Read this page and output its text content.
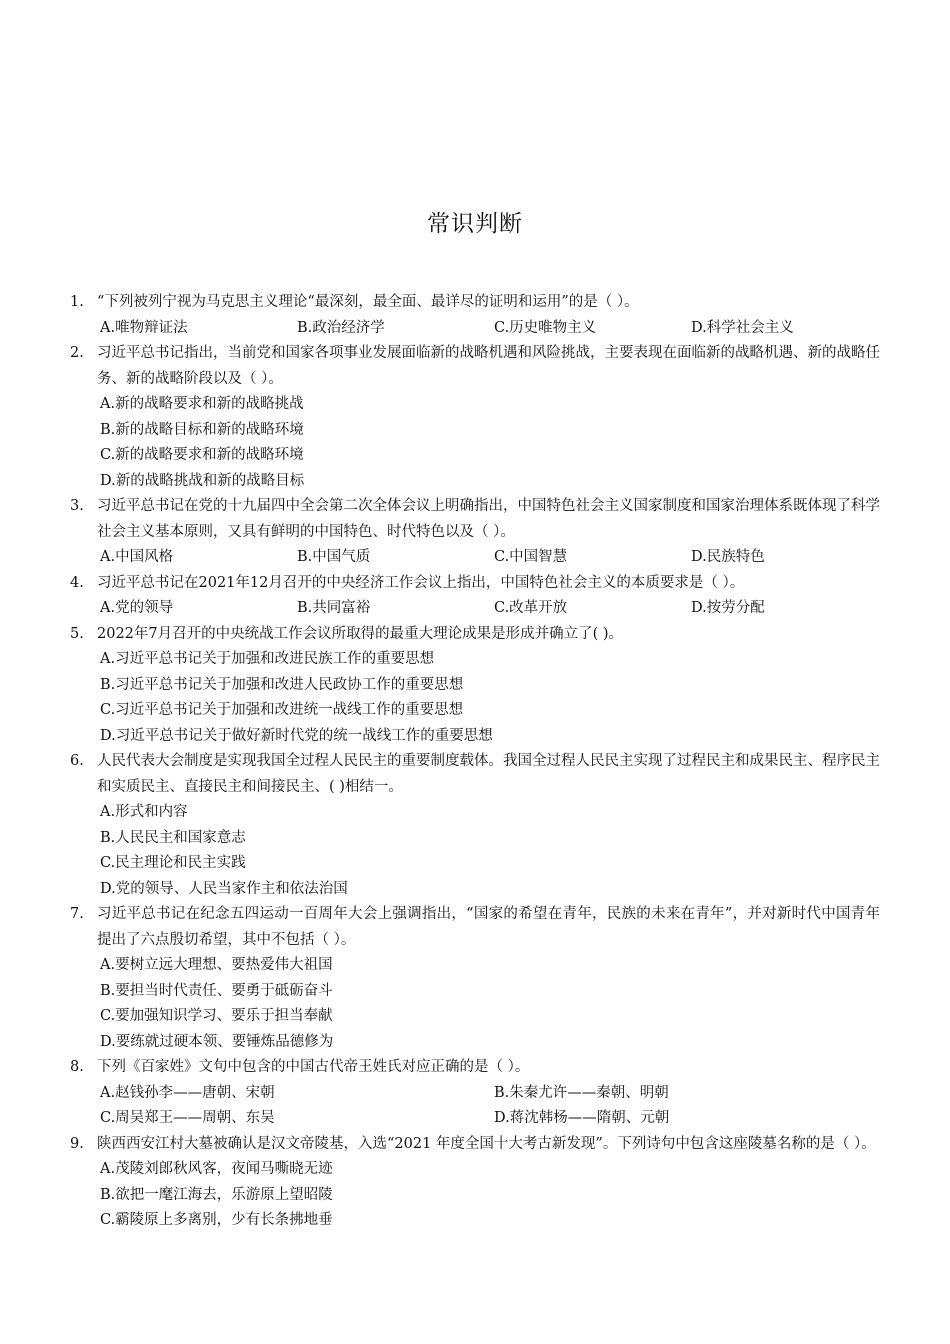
常识判断
1. “下列被列宁视为马克思主义理论“最深刻，最全面、最详尽的证明和运用”的是（ ）。
A.唯物辩证法	B.政治经济学	C.历史唯物主义	D.科学社会主义
2. 习近平总书记指出，当前党和国家各项事业发展面临新的战略机遇和风险挑战，主要表现在面临新的战略机遇、新的战略任务、新的战略阶段以及（ ）。
A.新的战略要求和新的战略挑战
B.新的战略目标和新的战略环境
C.新的战略要求和新的战略环境
D.新的战略挑战和新的战略目标
3. 习近平总书记在党的十九届四中全会第二次全体会议上明确指出，中国特色社会主义国家制度和国家治理体系既体现了科学社会主义基本原则，又具有鲜明的中国特色、时代特色以及（ ）。
A.中国风格	B.中国气质	C.中国智慧	D.民族特色
4. 习近平总书记在2021年12月召开的中央经济工作会议上指出，中国特色社会主义的本质要求是（ ）。
A.党的领导	B.共同富裕	C.改革开放	D.按劳分配
5. 2022年7月召开的中央统战工作会议所取得的最重大理论成果是形成并确立了( )。
A.习近平总书记关于加强和改进民族工作的重要思想
B.习近平总书记关于加强和改进人民政协工作的重要思想
C.习近平总书记关于加强和改进统一战线工作的重要思想
D.习近平总书记关于做好新时代党的统一战线工作的重要思想
6. 人民代表大会制度是实现我国全过程人民民主的重要制度载体。我国全过程人民民主实现了过程民主和成果民主、程序民主和实质民主、直接民主和间接民主、( )相结一。
A.形式和内容
B.人民民主和国家意志
C.民主理论和民主实践
D.党的领导、人民当家作主和依法治国
7. 习近平总书记在纪念五四运动一百周年大会上强调指出，“国家的希望在青年，民族的未来在青年”，并对新时代中国青年提出了六点殷切希望，其中不包括（ ）。
A.要树立远大理想、要热爱伟大祖国
B.要担当时代责任、要勇于砥砺奋斗
C.要加强知识学习、要乐于担当奉献
D.要练就过硬本领、要锤炼品德修为
8. 下列《百家姓》文句中包含的中国古代帝王姓氏对应正确的是（ ）。
A.赵钱孙李——唐朝、宋朝	B.朱秦尤许——秦朝、明朝
C.周吴郑王——周朝、东吴	D.蒋沈韩杨——隋朝、元朝
9. 陕西西安江村大墓被确认是汉文帝陵基，入选“2021 年度全国十大考古新发现”。下列诗句中包含这座陵墓名称的是（ ）。
A.茂陵刘郎秋风客，夜闻马嘶晓无迹
B.欲把一麾江海去，乐游原上望昭陵
C.霸陵原上多离别，少有长条拂地垂
